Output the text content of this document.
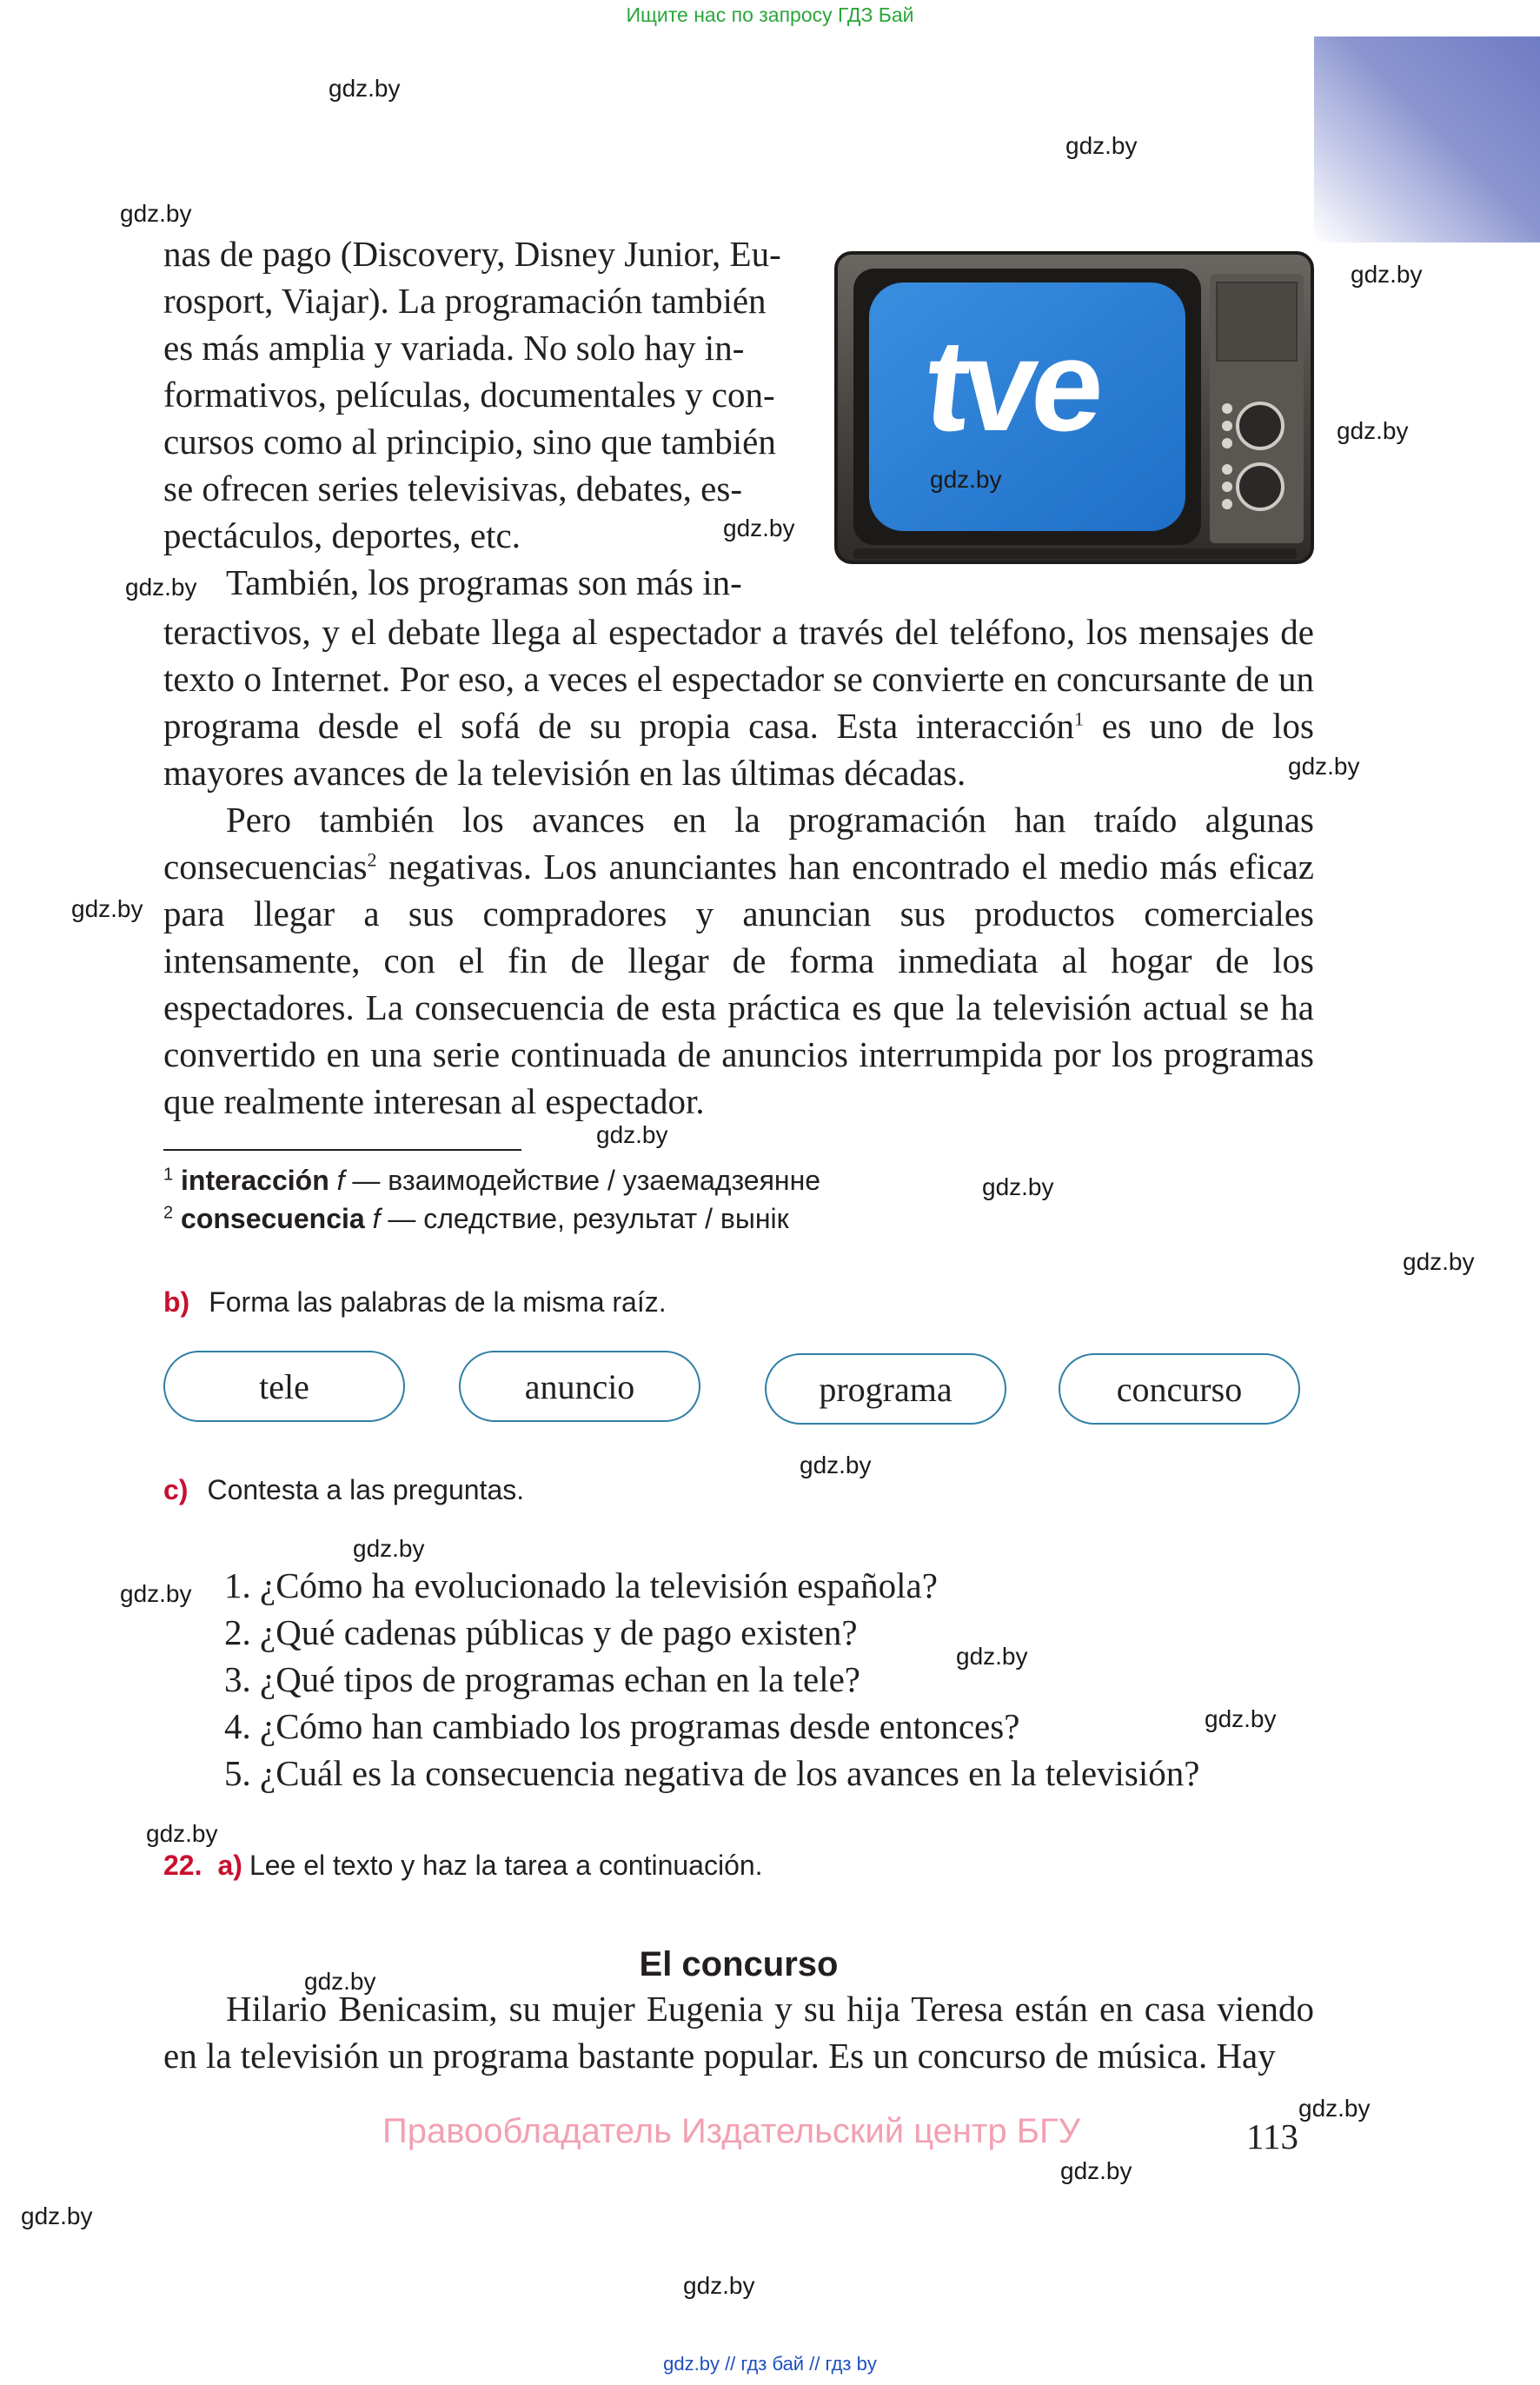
Ищите нас по запросу ГДЗ Бай
gdz.by // гдз бай // гдз by
tve
nas de pago (Discovery, Disney Junior, Eu-
rosport, Viajar). La programación también
es más amplia y variada. No solo hay in-
formativos, películas, documentales y con-
cursos como al principio, sino que también
se ofrecen series televisivas, debates, es-
pectáculos, deportes, etc.
También, los programas son más in-

teractivos, y el debate llega al espectador a través del teléfono, los mensajes de texto o Internet. Por eso, a veces el espectador se convierte en concursante de un programa desde el sofá de su propia casa. Esta interacción$^1$ es uno de los mayores avances de la televisión en las últimas décadas.

Pero también los avances en la programación han traído algunas consecuencias$^2$ negativas. Los anunciantes han encontrado el medio más eficaz para llegar a sus compradores y anuncian sus productos comerciales intensamente, con el fin de llegar de forma inmediata al hogar de los espectadores. La consecuencia de esta práctica es que la televisión actual se ha convertido en una serie continuada de anuncios interrumpida por los programas que realmente interesan al espectador.

$^1$ interacción f — взаимодействие / узаемадзеянне
$^2$ consecuencia f — следствие, результат / вынік
b) Forma las palabras de la misma raíz.
tele	anuncio	programa	concurso
c) Contesta a las preguntas.
1. ¿Cómo ha evolucionado la televisión española?
2. ¿Qué cadenas públicas y de pago existen?
3. ¿Qué tipos de programas echan en la tele?
4. ¿Cómo han cambiado los programas desde entonces?
5. ¿Cuál es la consecuencia negativa de los avances en la televisión?
22. a) Lee el texto y haz la tarea a continuación.
El concurso

Hilario Benicasim, su mujer Eugenia y su hija Teresa están en casa viendo en la televisión un programa bastante popular. Es un concurso de música. Hay

Правообладатель Издательский центр БГУ	113
gdz.by
gdz.by
gdz.by
gdz.by
gdz.by
gdz.by
gdz.by
gdz.by
gdz.by
gdz.by
gdz.by
gdz.by
gdz.by
gdz.by
gdz.by
gdz.by
gdz.by
gdz.by
gdz.by
gdz.by
gdz.by
gdz.by
gdz.by
gdz.by
